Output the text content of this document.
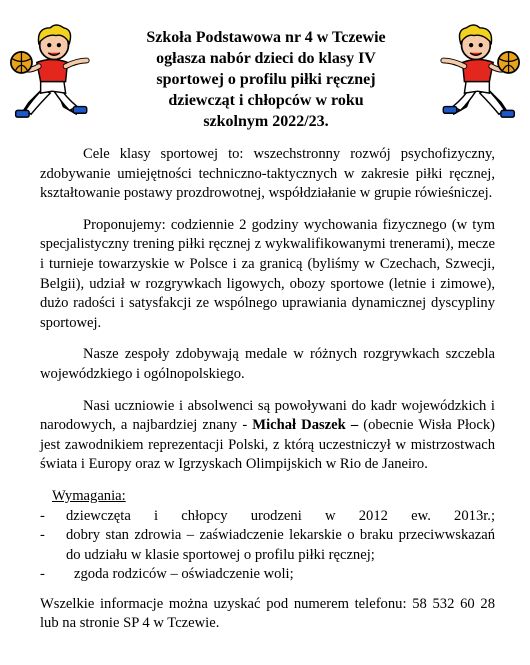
Szkoła Podstawowa nr 4 w Tczewie
ogłasza nabór dzieci do klasy IV
sportowej o profilu piłki ręcznej
dziewcząt i chłopców w roku
szkolnym 2022/23.

Cele klasy sportowej to: wszechstronny rozwój psychofizyczny, zdobywanie umiejętności techniczno-taktycznych w zakresie piłki ręcznej, kształtowanie postawy prozdrowotnej, współdziałanie w grupie rówieśniczej.

Proponujemy: codziennie 2 godziny wychowania fizycznego (w tym specjalistyczny trening piłki ręcznej z wykwalifikowanymi trenerami), mecze i turnieje towarzyskie w Polsce i za granicą (byliśmy w Czechach, Szwecji, Belgii), udział w rozgrywkach ligowych, obozy sportowe (letnie i zimowe), dużo radości i satysfakcji ze wspólnego uprawiania dynamicznej dyscypliny sportowej.

Nasze zespoły zdobywają medale w różnych rozgrywkach szczebla wojewódzkiego i ogólnopolskiego.

Nasi uczniowie i absolwenci są powoływani do kadr wojewódzkich i narodowych, a najbardziej znany - Michał Daszek – (obecnie Wisła Płock) jest zawodnikiem reprezentacji Polski, z którą uczestniczył w mistrzostwach świata i Europy oraz w Igrzyskach Olimpijskich w Rio de Janeiro.

Wymagania:
-	dziewczęta i chłopcy urodzeni w 2012 ew. 2013r.;
-	dobry stan zdrowia – zaświadczenie lekarskie o braku przeciwwskazań do udziału w klasie sportowej o profilu piłki ręcznej;
-	zgoda rodziców – oświadczenie woli;
Wszelkie informacje można uzyskać pod numerem telefonu: 58 532 60 28 lub na stronie SP 4 w Tczewie.
